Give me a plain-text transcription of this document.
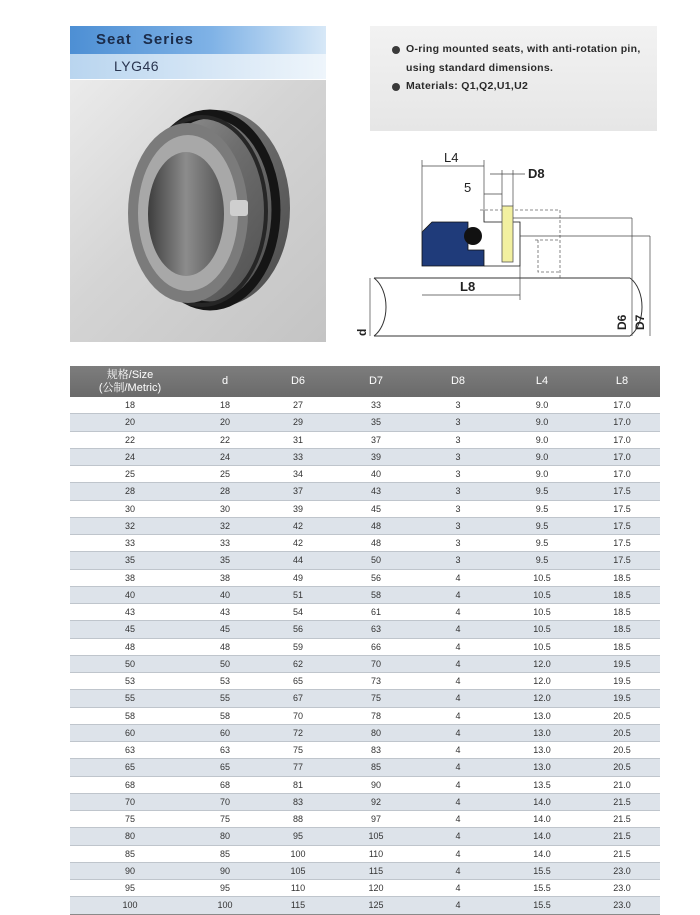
Seat Series
LYG46
O-ring mounted seats, with anti-rotation pin,
using standard dimensions.
Materials: Q1,Q2,U1,U2
L4
D8
5
L8
d
D6 D7
规格/Size
(公制/Metric)	d	D6	D7	D8	L4	L8
18	18	27	33	3	9.0	17.0
20	20	29	35	3	9.0	17.0
22	22	31	37	3	9.0	17.0
24	24	33	39	3	9.0	17.0
25	25	34	40	3	9.0	17.0
28	28	37	43	3	9.5	17.5
30	30	39	45	3	9.5	17.5
32	32	42	48	3	9.5	17.5
33	33	42	48	3	9.5	17.5
35	35	44	50	3	9.5	17.5
38	38	49	56	4	10.5	18.5
40	40	51	58	4	10.5	18.5
43	43	54	61	4	10.5	18.5
45	45	56	63	4	10.5	18.5
48	48	59	66	4	10.5	18.5
50	50	62	70	4	12.0	19.5
53	53	65	73	4	12.0	19.5
55	55	67	75	4	12.0	19.5
58	58	70	78	4	13.0	20.5
60	60	72	80	4	13.0	20.5
63	63	75	83	4	13.0	20.5
65	65	77	85	4	13.0	20.5
68	68	81	90	4	13.5	21.0
70	70	83	92	4	14.0	21.5
75	75	88	97	4	14.0	21.5
80	80	95	105	4	14.0	21.5
85	85	100	110	4	14.0	21.5
90	90	105	115	4	15.5	23.0
95	95	110	120	4	15.5	23.0
100	100	115	125	4	15.5	23.0
